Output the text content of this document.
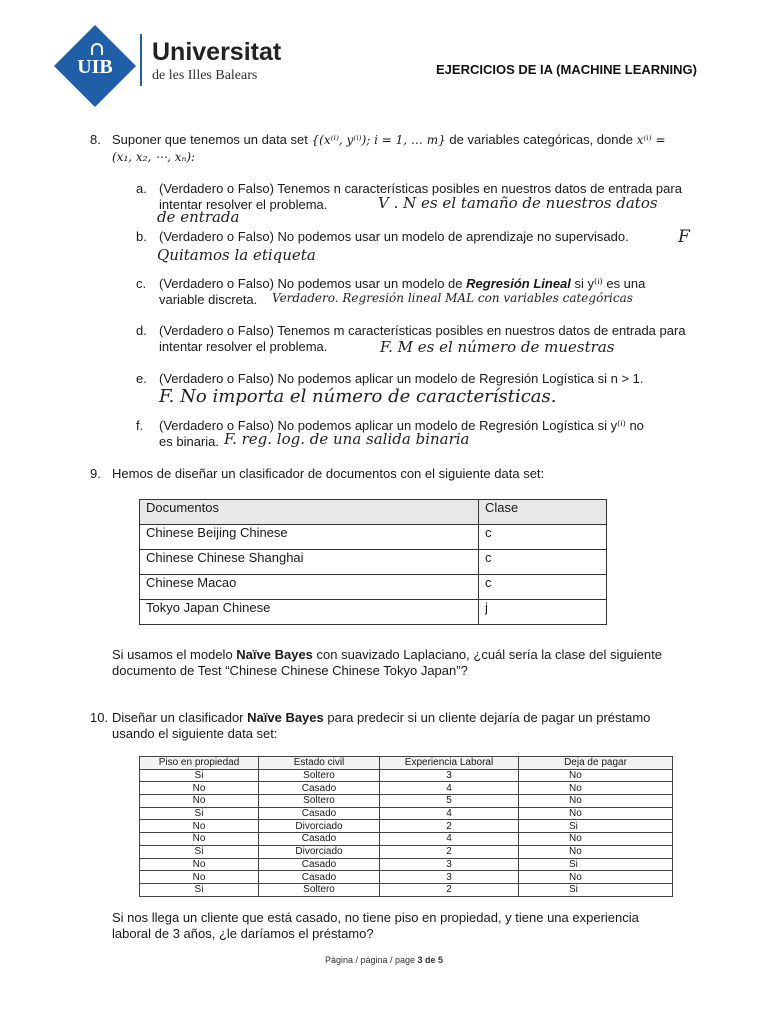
UIB
Universitat
de les Illes Balears	EJERCICIOS DE IA (MACHINE LEARNING)
8. Suponer que tenemos un data set {(x⁽ⁱ⁾, y⁽ⁱ⁾); i = 1, … m} de variables categóricas, donde x⁽ⁱ⁾ =
(x₁, x₂, ⋯, xₙ):
a. (Verdadero o Falso) Tenemos n características posibles en nuestros datos de entrada para intentar resolver el problema.	V . N es el tamaño de nuestros datos
de entrada
b. (Verdadero o Falso) No podemos usar un modelo de aprendizaje no supervisado.	F
Quitamos la etiqueta
c. (Verdadero o Falso) No podemos usar un modelo de Regresión Lineal si y⁽ⁱ⁾ es una
variable discreta. Verdadero. Regresión lineal MAL con variables categóricas
d. (Verdadero o Falso) Tenemos m características posibles en nuestros datos de entrada para intentar resolver el problema.	F. M es el número de muestras
e. (Verdadero o Falso) No podemos aplicar un modelo de Regresión Logística si n > 1.
F. No importa el número de características.
f. (Verdadero o Falso) No podemos aplicar un modelo de Regresión Logística si y⁽ⁱ⁾ no
es binaria. F. reg. log. de una salida binaria
9. Hemos de diseñar un clasificador de documentos con el siguiente data set:
Documentos	Clase
Chinese Beijing Chinese	c
Chinese Chinese Shanghai	c
Chinese Macao	c
Tokyo Japan Chinese	j
Si usamos el modelo Naïve Bayes con suavizado Laplaciano, ¿cuál sería la clase del siguiente
documento de Test “Chinese Chinese Chinese Tokyo Japan”?
10. Diseñar un clasificador Naïve Bayes para predecir si un cliente dejaría de pagar un préstamo
usando el siguiente data set:
Piso en propiedad	Estado civil	Experiencia Laboral	Deja de pagar
Si	Soltero	3	No
No	Casado	4	No
No	Soltero	5	No
Si	Casado	4	No
No	Divorciado	2	Si
No	Casado	4	No
Si	Divorciado	2	No
No	Casado	3	Si
No	Casado	3	No
Si	Soltero	2	Si
Si nos llega un cliente que está casado, no tiene piso en propiedad, y tiene una experiencia
laboral de 3 años, ¿le daríamos el préstamo?
Pàgina / página / page 3 de 5
